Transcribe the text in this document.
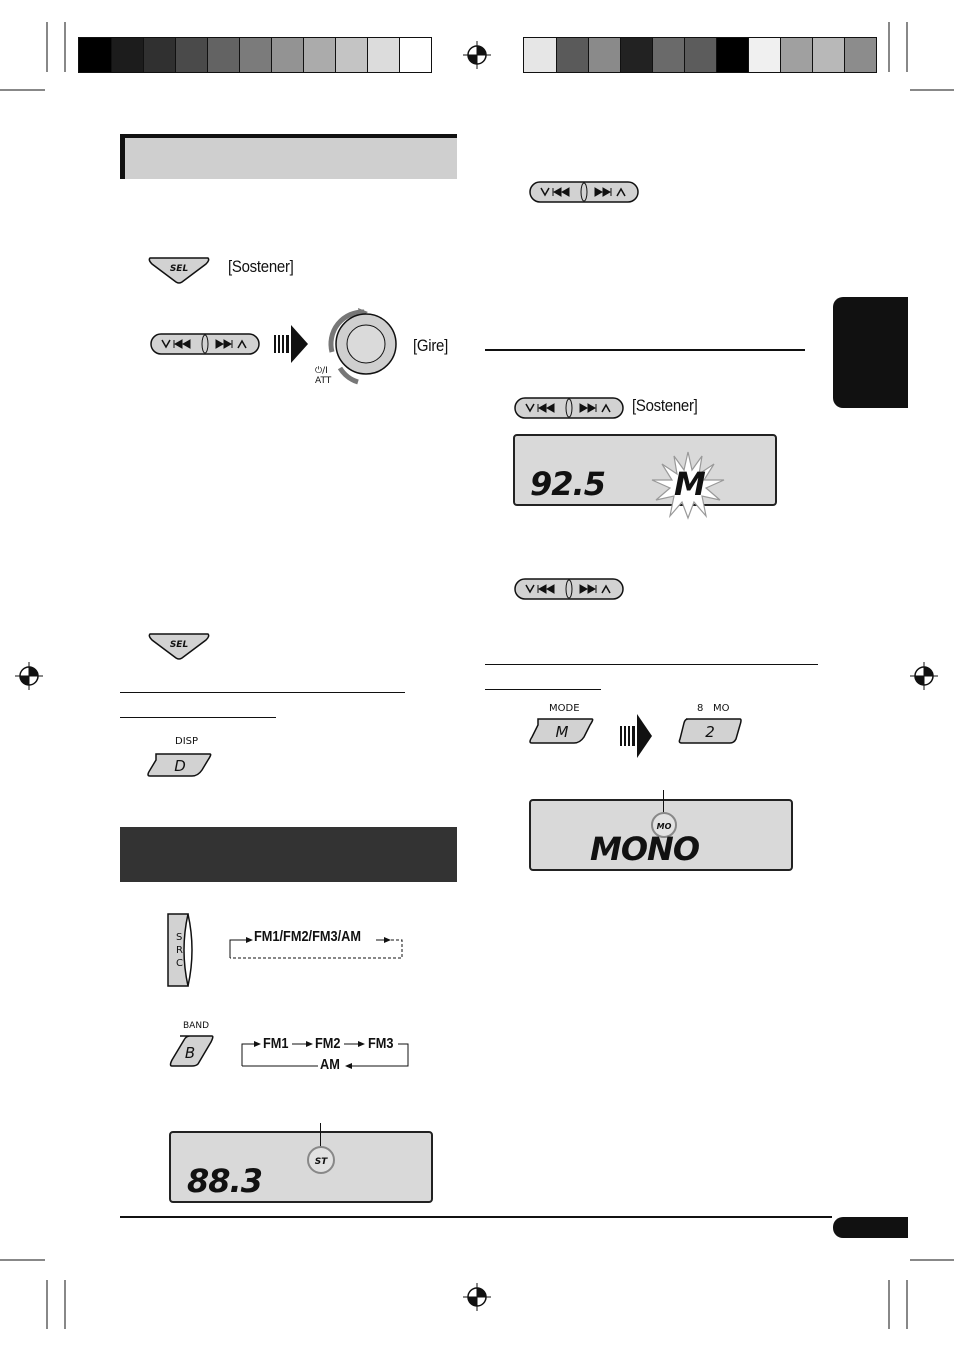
SEL [Sostener]
⏻/I
ATT
[Gire]
SEL
DISP
D
S
R
C
FM1/FM2/FM3/AM
BAND
B
FM1 FM2 FM3
AM
88.3	ST
[Sostener]
92.5 M
MODE
M
8 MO
2
MO
MONO
